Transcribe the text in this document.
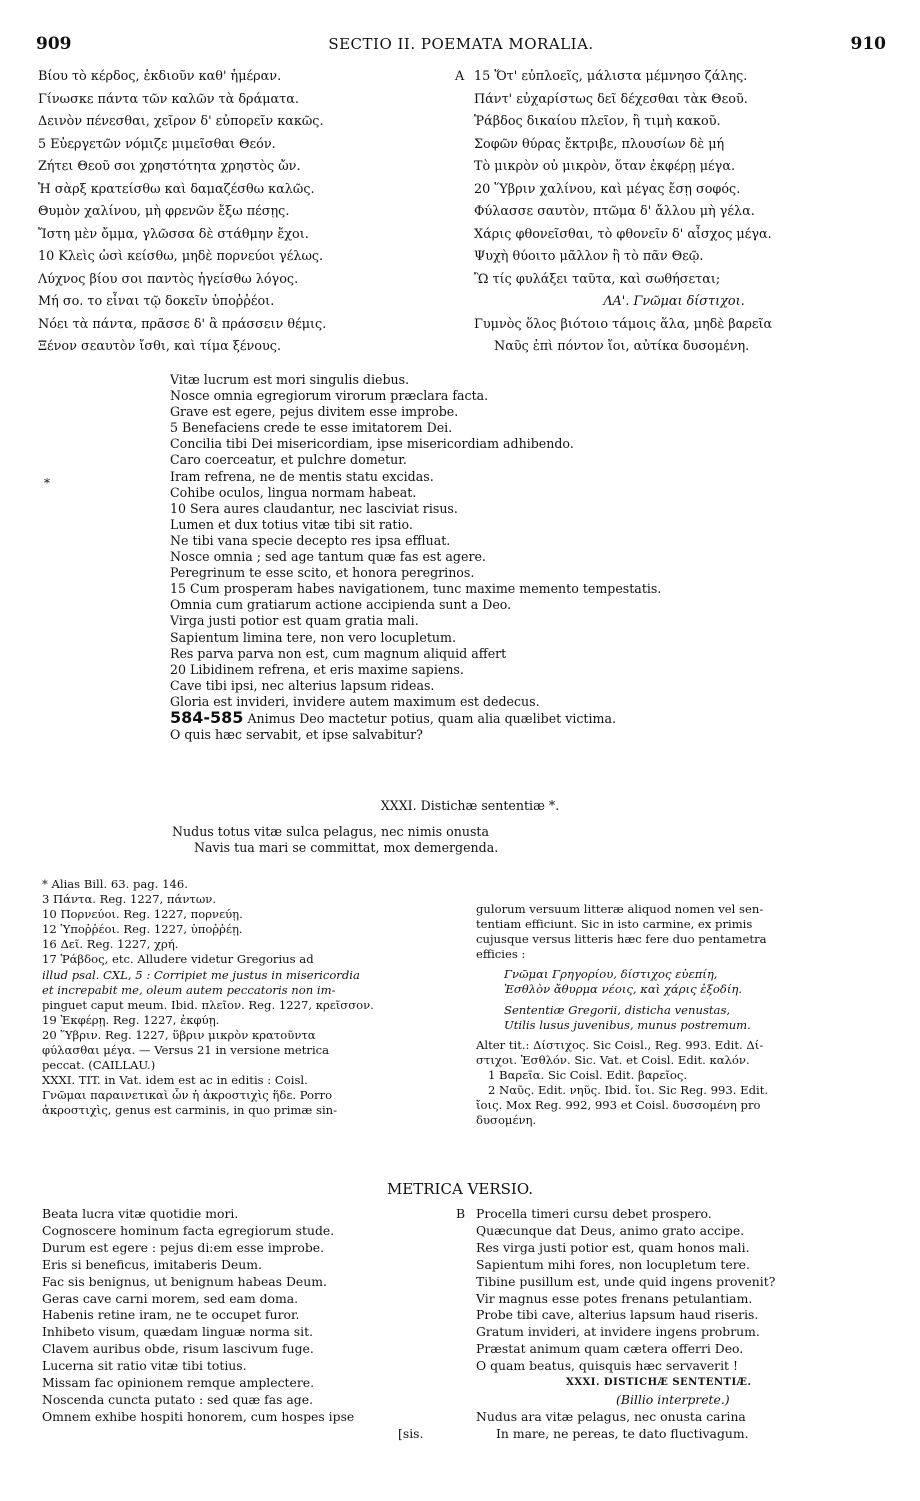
909	SECTIO II. POEMATA MORALIA.	910
Βίου τὸ κέρδος, ἐκδιοῦν καθ' ἡμέραν.
Γίνωσκε πάντα τῶν καλῶν τὰ δράματα.
Δεινὸν πένεσθαι, χεῖρον δ' εὐπορεῖν κακῶς.
5 Εὐεργετῶν νόμιζε μιμεῖσθαι Θεόν.
Ζήτει Θεοῦ σοι χρηστότητα χρηστὸς ὤν.
Ἡ σὰρξ κρατείσθω καὶ δαμαζέσθω καλῶς.
Θυμὸν χαλίνου, μὴ φρενῶν ἔξω πέσῃς.
Ἴστη μὲν ὄμμα, γλῶσσα δὲ στάθμην ἔχοι.
10 Κλεὶς ὠσὶ κείσθω, μηδὲ πορνεύοι γέλως.
Λύχνος βίου σοι παντὸς ἡγείσθω λόγος.
Μή σο. το εἶναι τῷ δοκεῖν ὑποῤῥέοι.
Νόει τὰ πάντα, πρᾶσσε δ' ἃ πράσσειν θέμις.
Ξένον σεαυτὸν ἴσθι, καὶ τίμα ξένους.
A 15 Ὅτ' εὐπλοεῖς, μάλιστα μέμνησο ζάλης.
Πάντ' εὐχαρίστως δεῖ δέχεσθαι τὰκ Θεοῦ.
Ῥάβδος δικαίου πλεῖον, ἢ τιμὴ κακοῦ.
Σοφῶν θύρας ἔκτριβε, πλουσίων δὲ μή
Τὸ μικρὸν οὐ μικρὸν, ὅταν ἐκφέρῃ μέγα.
20 Ὕβριν χαλίνου, καὶ μέγας ἔσῃ σοφός.
Φύλασσε σαυτὸν, πτῶμα δ' ἄλλου μὴ γέλα.
Χάρις φθονεῖσθαι, τὸ φθονεῖν δ' αἶσχος μέγα.
Ψυχὴ θύοιτο μᾶλλον ἢ τὸ πᾶν Θεῷ.
Ὢ τίς φυλάξει ταῦτα, καὶ σωθήσεται;
ΛΑ'. Γνῶμαι δίστιχοι.
Γυμνὸς ὅλος βιότοιο τάμοις ἅλα, μηδὲ βαρεῖα
Ναῦς ἐπὶ πόντον ἴοι, αὐτίκα δυσομένη.
*
Vitæ lucrum est mori singulis diebus.
Nosce omnia egregiorum virorum præclara facta.
Grave est egere, pejus divitem esse improbe.
5 Benefaciens crede te esse imitatorem Dei.
Concilia tibi Dei misericordiam, ipse misericordiam adhibendo.
Caro coerceatur, et pulchre dometur.
Iram refrena, ne de mentis statu excidas.
Cohibe oculos, lingua normam habeat.
10 Sera aures claudantur, nec lasciviat risus.
Lumen et dux totius vitæ tibi sit ratio.
Ne tibi vana specie decepto res ipsa effluat.
Nosce omnia ; sed age tantum quæ fas est agere.
Peregrinum te esse scito, et honora peregrinos.
15 Cum prosperam habes navigationem, tunc maxime memento tempestatis.
Omnia cum gratiarum actione accipienda sunt a Deo.
Virga justi potior est quam gratia mali.
Sapientum limina tere, non vero locupletum.
Res parva parva non est, cum magnum aliquid affert
20 Libidinem refrena, et eris maxime sapiens.
Cave tibi ipsi, nec alterius lapsum rideas.
Gloria est invideri, invidere autem maximum est dedecus.
584-585 Animus Deo mactetur potius, quam alia quælibet victima.
O quis hæc servabit, et ipse salvabitur?
XXXI. Distichæ sententiæ *.
Nudus totus vitæ sulca pelagus, nec nimis onusta
Navis tua mari se committat, mox demergenda.
* Alias Bill. 63. pag. 146.
3 Πάντα. Reg. 1227, πάντων.
10 Πορνεύοι. Reg. 1227, πορνεύῃ.
12 Ὑποῤῥέοι. Reg. 1227, ὑποῤῥέῃ.
16 Δεῖ. Reg. 1227, χρή.
17 Ῥάβδος, etc. Alludere videtur Gregorius ad
illud psal. CXL, 5 : Corripiet me justus in misericordia
et increpabit me, oleum autem peccatoris non im-
pinguet caput meum. Ibid. πλεῖον. Reg. 1227, κρεῖσσον.
19 Ἐκφέρῃ. Reg. 1227, ἐκφύῃ.
20 Ὕβριν. Reg. 1227, ὕβριν μικρὸν κρατοῦντα
φύλασθαι μέγα. — Versus 21 in versione metrica
peccat. (CAILLAU.)
XXXI. TIT. in Vat. idem est ac in editis : Coisl.
Γνῶμαι παραινετικαὶ ὧν ἡ ἀκροστιχὶς ἥδε. Porro
ἀκροστιχὶς, genus est carminis, in quo primæ sin-
gulorum versuum litteræ aliquod nomen vel sen-
tentiam efficiunt. Sic in isto carmine, ex primis
cujusque versus litteris hæc fere duo pentametra
efficies :
Γνῶμαι Γρηγορίου, δίστιχος εὐεπίη,
Ἐσθλὸν ἄθυρμα νέοις, καὶ χάρις ἐξοδίη.
Sententiæ Gregorii, disticha venustas,
Utilis lusus juvenibus, munus postremum.
Alter tit.: Δίστιχος. Sic Coisl., Reg. 993. Edit. Δί-
στιχοι. Ἐσθλόν. Sic. Vat. et Coisl. Edit. καλόν.
1 Βαρεῖα. Sic Coisl. Edit. βαρεῖος.
2 Ναῦς. Edit. νηῦς. Ibid. ἴοι. Sic Reg. 993. Edit.
ἴοις. Mox Reg. 992, 993 et Coisl. δυσσομένη pro
δυσομένη.
METRICA VERSIO.
Beata lucra vitæ quotidie mori.
Cognoscere hominum facta egregiorum stude.
Durum est egere : pejus di:em esse improbe.
Eris si beneficus, imitaberis Deum.
Fac sis benignus, ut benignum habeas Deum.
Geras cave carni morem, sed eam doma.
Habenis retine iram, ne te occupet furor.
Inhibeto visum, quædam linguæ norma sit.
Clavem auribus obde, risum lascivum fuge.
Lucerna sit ratio vitæ tibi totius.
Missam fac opinionem remque amplectere.
Noscenda cuncta putato : sed quæ fas age.
Omnem exhibe hospiti honorem, cum hospes ipse
[sis.
B Procella timeri cursu debet prospero.
Quæcunque dat Deus, animo grato accipe.
Res virga justi potior est, quam honos mali.
Sapientum mihi fores, non locupletum tere.
Tibine pusillum est, unde quid ingens provenit?
Vir magnus esse potes frenans petulantiam.
Probe tibi cave, alterius lapsum haud riseris.
Gratum invideri, at invidere ingens probrum.
Præstat animum quam cætera offerri Deo.
O quam beatus, quisquis hæc servaverit !
XXXI. DISTICHÆ SENTENTIÆ.
(Billio interprete.)
Nudus ara vitæ pelagus, nec onusta carina
In mare, ne pereas, te dato fluctivagum.
